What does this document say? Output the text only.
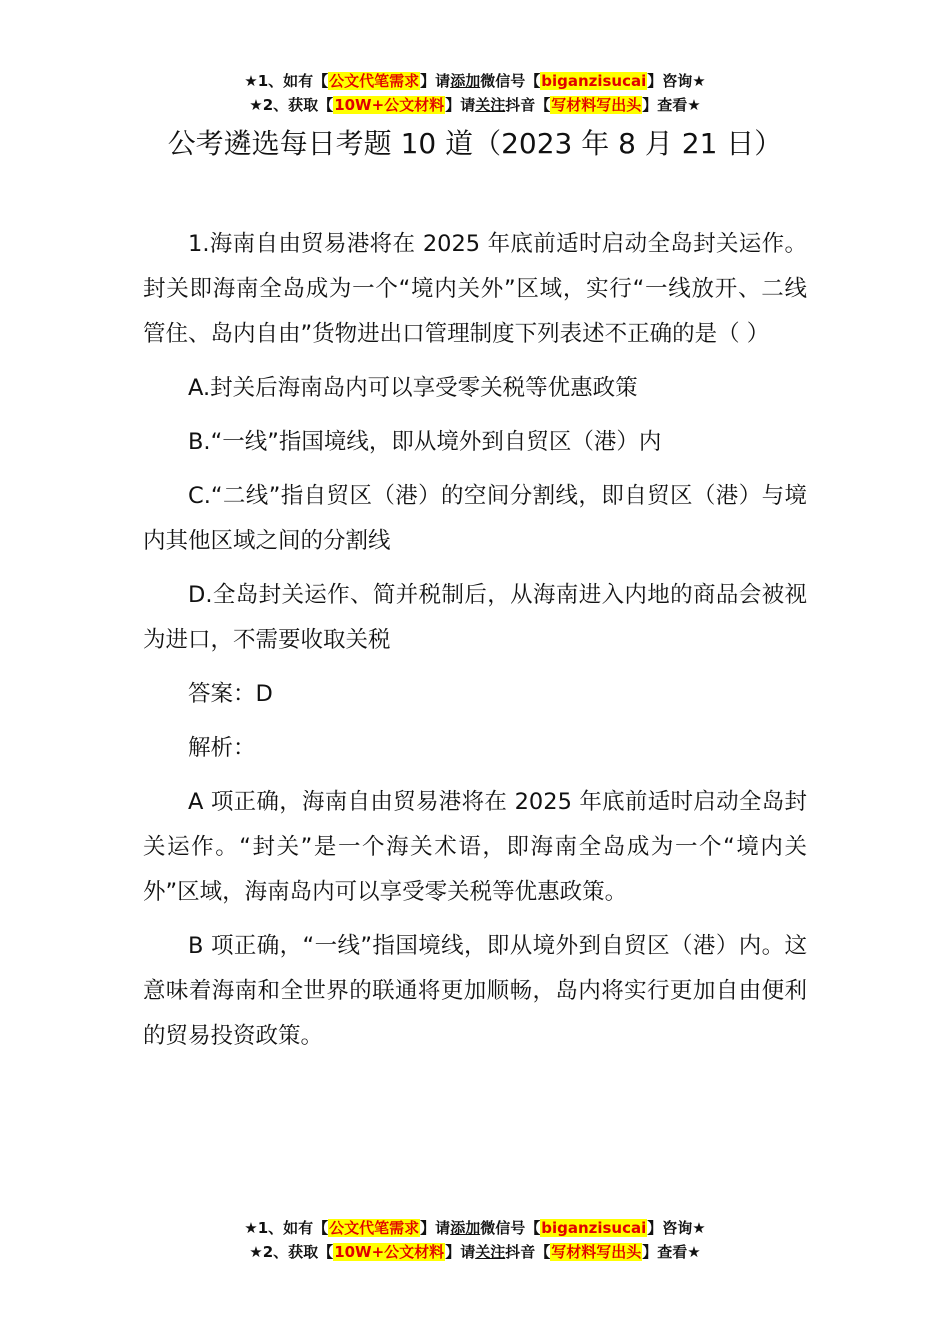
★1、如有【公文代笔需求】请添加微信号【biganzisucai】咨询★
★2、获取【10W+公文材料】请关注抖音【写材料写出头】查看★
公考遴选每日考题 10 道（2023 年 8 月 21 日）

1.海南自由贸易港将在 2025 年底前适时启动全岛封关运作。封关即海南全岛成为一个“境内关外”区域，实行“一线放开、二线管住、岛内自由”货物进出口管理制度下列表述不正确的是（ ）

A.封关后海南岛内可以享受零关税等优惠政策

B.“一线”指国境线，即从境外到自贸区（港）内

C.“二线”指自贸区（港）的空间分割线，即自贸区（港）与境内其他区域之间的分割线

D.全岛封关运作、简并税制后，从海南进入内地的商品会被视为进口，不需要收取关税

答案：D

解析：

A 项正确，海南自由贸易港将在 2025 年底前适时启动全岛封关运作。“封关”是一个海关术语，即海南全岛成为一个“境内关外”区域，海南岛内可以享受零关税等优惠政策。

B 项正确，“一线”指国境线，即从境外到自贸区（港）内。这意味着海南和全世界的联通将更加顺畅，岛内将实行更加自由便利的贸易投资政策。

★1、如有【公文代笔需求】请添加微信号【biganzisucai】咨询★
★2、获取【10W+公文材料】请关注抖音【写材料写出头】查看★
